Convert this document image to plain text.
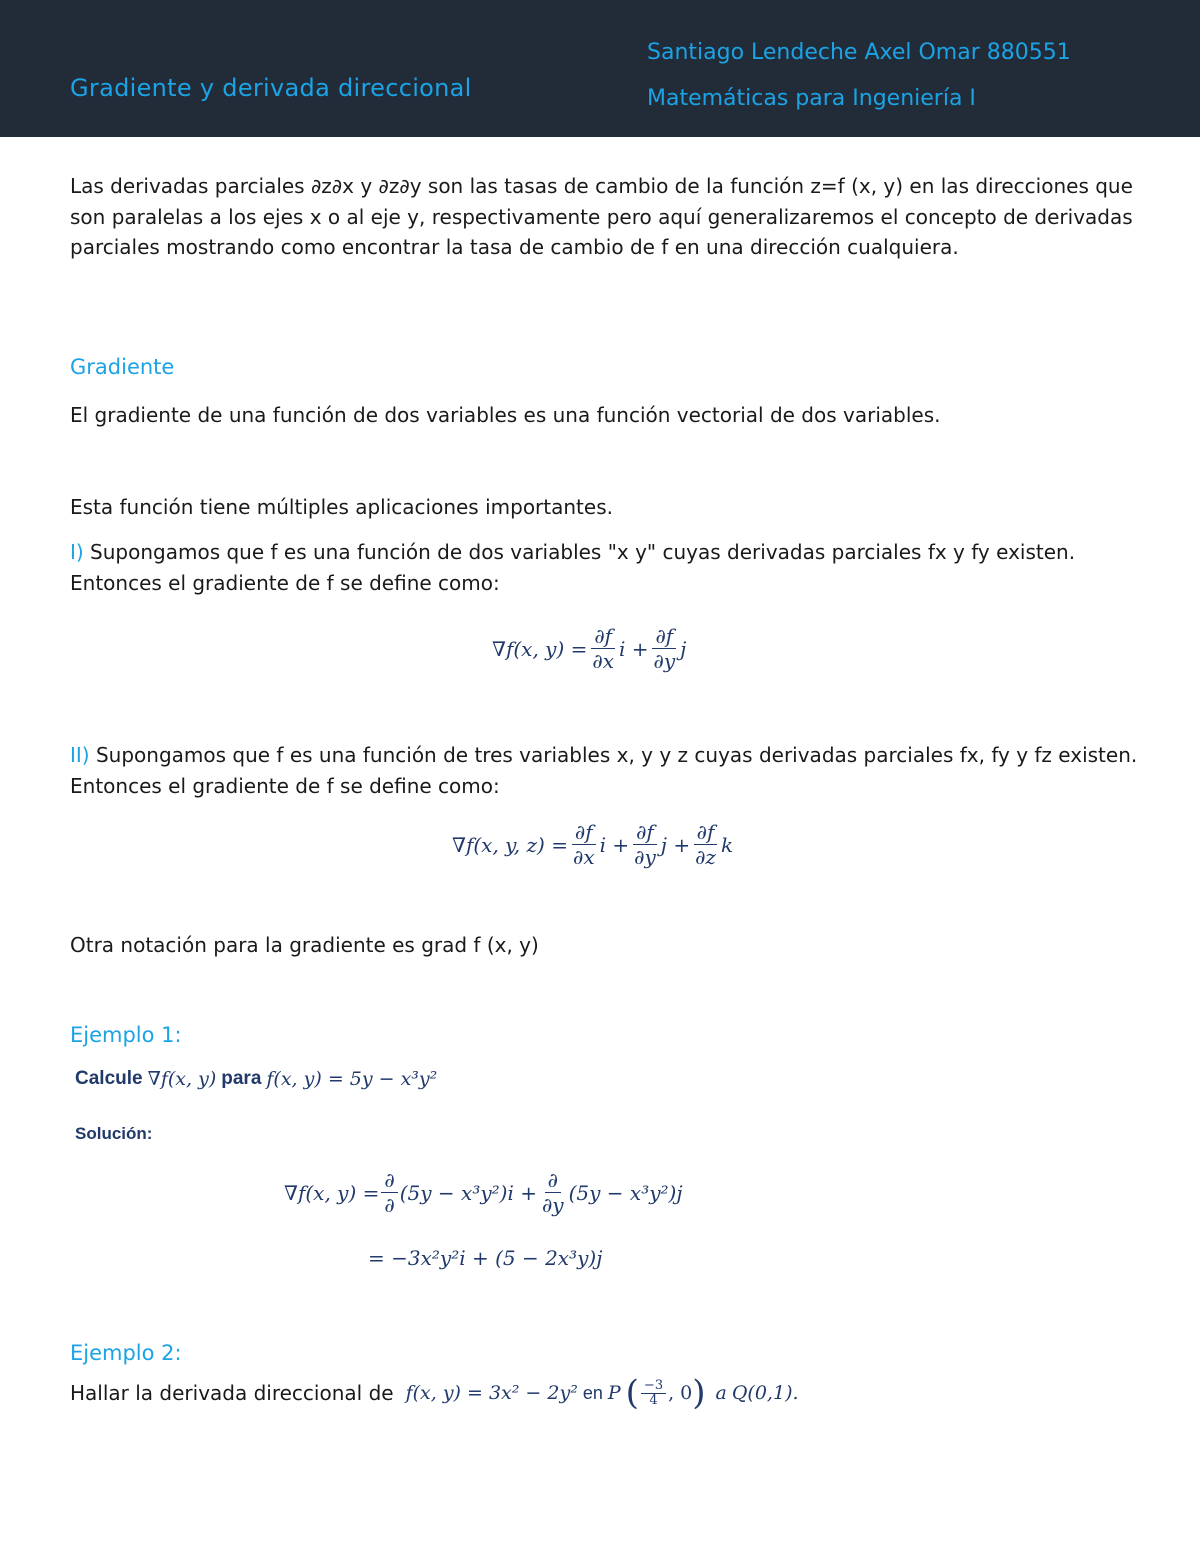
Gradiente y derivada direccional
Santiago Lendeche Axel Omar 880551
Matemáticas para Ingeniería I
Las derivadas parciales ∂z∂x y ∂z∂y son las tasas de cambio de la función z=f (x, y) en las direcciones que son paralelas a los ejes x o al eje y, respectivamente pero aquí generalizaremos el concepto de derivadas parciales mostrando como encontrar la tasa de cambio de f en una dirección cualquiera.
Gradiente
El gradiente de una función de dos variables es una función vectorial de dos variables.
Esta función tiene múltiples aplicaciones importantes.
I) Supongamos que f es una función de dos variables "x y" cuyas derivadas parciales fx y fy existen. Entonces el gradiente de f se define como:
∇f(x, $y) = \frac{\partial f}{\partial x}$ $i + \frac{\partial f}{\partial y}$ j
II) Supongamos que f es una función de tres variables x, y y z cuyas derivadas parciales fx, fy y fz existen. Entonces el gradiente de f se define como:
∇f(x, y, $z) = \frac{\partial f}{\partial x}$ $i + \frac{\partial f}{\partial y}$ $j + \frac{\partial f}{\partial z}$ k
Otra notación para la gradiente es grad f (x, y)
Ejemplo 1:
Calcule ∇f(x, y) para f(x, y) = 5y − x³y²
Solución:
∇f(x, $y) = \frac{\partial}{\partial} (5y - x^3y^2)i + \frac{\partial}{\partial y} (5y - x^3y^2)j$
= −3x²y²i + (5 − 2x³y)j
Ejemplo 2:
Hallar la derivada direccional de f(x, y) = 3x² − 2y² en P ( $\frac{-3}{4}$ , 0 ) a Q(0,1).
